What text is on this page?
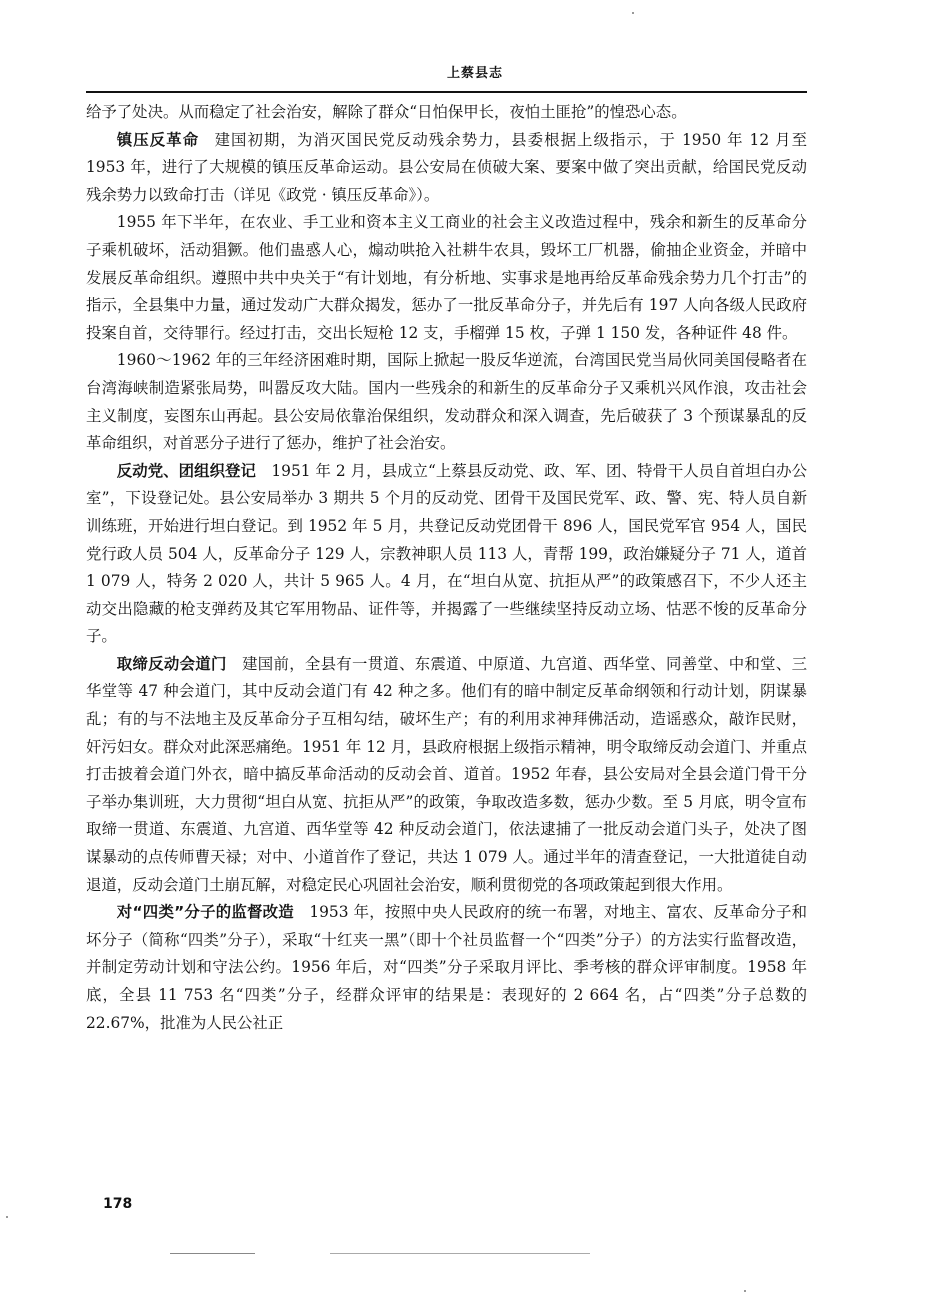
上蔡县志

给予了处决。从而稳定了社会治安，解除了群众“日怕保甲长，夜怕土匪抢”的惶恐心态。

镇压反革命 建国初期，为消灭国民党反动残余势力，县委根据上级指示，于 1950 年 12 月至 1953 年，进行了大规模的镇压反革命运动。县公安局在侦破大案、要案中做了突出贡献，给国民党反动残余势力以致命打击（详见《政党 · 镇压反革命》）。

1955 年下半年，在农业、手工业和资本主义工商业的社会主义改造过程中，残余和新生的反革命分子乘机破坏，活动猖獗。他们蛊惑人心，煽动哄抢入社耕牛农具，毁坏工厂机器，偷抽企业资金，并暗中发展反革命组织。遵照中共中央关于“有计划地，有分析地、实事求是地再给反革命残余势力几个打击”的指示，全县集中力量，通过发动广大群众揭发，惩办了一批反革命分子，并先后有 197 人向各级人民政府投案自首，交待罪行。经过打击，交出长短枪 12 支，手榴弹 15 枚，子弹 1 150 发，各种证件 48 件。

1960～1962 年的三年经济困难时期，国际上掀起一股反华逆流，台湾国民党当局伙同美国侵略者在台湾海峡制造紧张局势，叫嚣反攻大陆。国内一些残余的和新生的反革命分子又乘机兴风作浪，攻击社会主义制度，妄图东山再起。县公安局依靠治保组织，发动群众和深入调查，先后破获了 3 个预谋暴乱的反革命组织，对首恶分子进行了惩办，维护了社会治安。

反动党、团组织登记 1951 年 2 月，县成立“上蔡县反动党、政、军、团、特骨干人员自首坦白办公室”，下设登记处。县公安局举办 3 期共 5 个月的反动党、团骨干及国民党军、政、警、宪、特人员自新训练班，开始进行坦白登记。到 1952 年 5 月，共登记反动党团骨干 896 人，国民党军官 954 人，国民党行政人员 504 人，反革命分子 129 人，宗教神职人员 113 人，青帮 199，政治嫌疑分子 71 人，道首 1 079 人，特务 2 020 人，共计 5 965 人。4 月，在“坦白从宽、抗拒从严”的政策感召下，不少人还主动交出隐藏的枪支弹药及其它军用物品、证件等，并揭露了一些继续坚持反动立场、怙恶不悛的反革命分子。

取缔反动会道门 建国前，全县有一贯道、东震道、中原道、九宫道、西华堂、同善堂、中和堂、三华堂等 47 种会道门，其中反动会道门有 42 种之多。他们有的暗中制定反革命纲领和行动计划，阴谋暴乱；有的与不法地主及反革命分子互相勾结，破坏生产；有的利用求神拜佛活动，造谣惑众，敲诈民财，奸污妇女。群众对此深恶痛绝。1951 年 12 月，县政府根据上级指示精神，明令取缔反动会道门、并重点打击披着会道门外衣，暗中搞反革命活动的反动会首、道首。1952 年春，县公安局对全县会道门骨干分子举办集训班，大力贯彻“坦白从宽、抗拒从严”的政策，争取改造多数，惩办少数。至 5 月底，明令宣布取缔一贯道、东震道、九宫道、西华堂等 42 种反动会道门，依法逮捕了一批反动会道门头子，处决了图谋暴动的点传师曹天禄；对中、小道首作了登记，共达 1 079 人。通过半年的清查登记，一大批道徒自动退道，反动会道门土崩瓦解，对稳定民心巩固社会治安，顺利贯彻党的各项政策起到很大作用。

对“四类”分子的监督改造 1953 年，按照中央人民政府的统一布署，对地主、富农、反革命分子和坏分子（简称“四类”分子），采取“十红夹一黑”（即十个社员监督一个“四类”分子）的方法实行监督改造，并制定劳动计划和守法公约。1956 年后，对“四类”分子采取月评比、季考核的群众评审制度。1958 年底，全县 11 753 名“四类”分子，经群众评审的结果是：表现好的 2 664 名，占“四类”分子总数的 22.67%，批准为人民公社正

178
